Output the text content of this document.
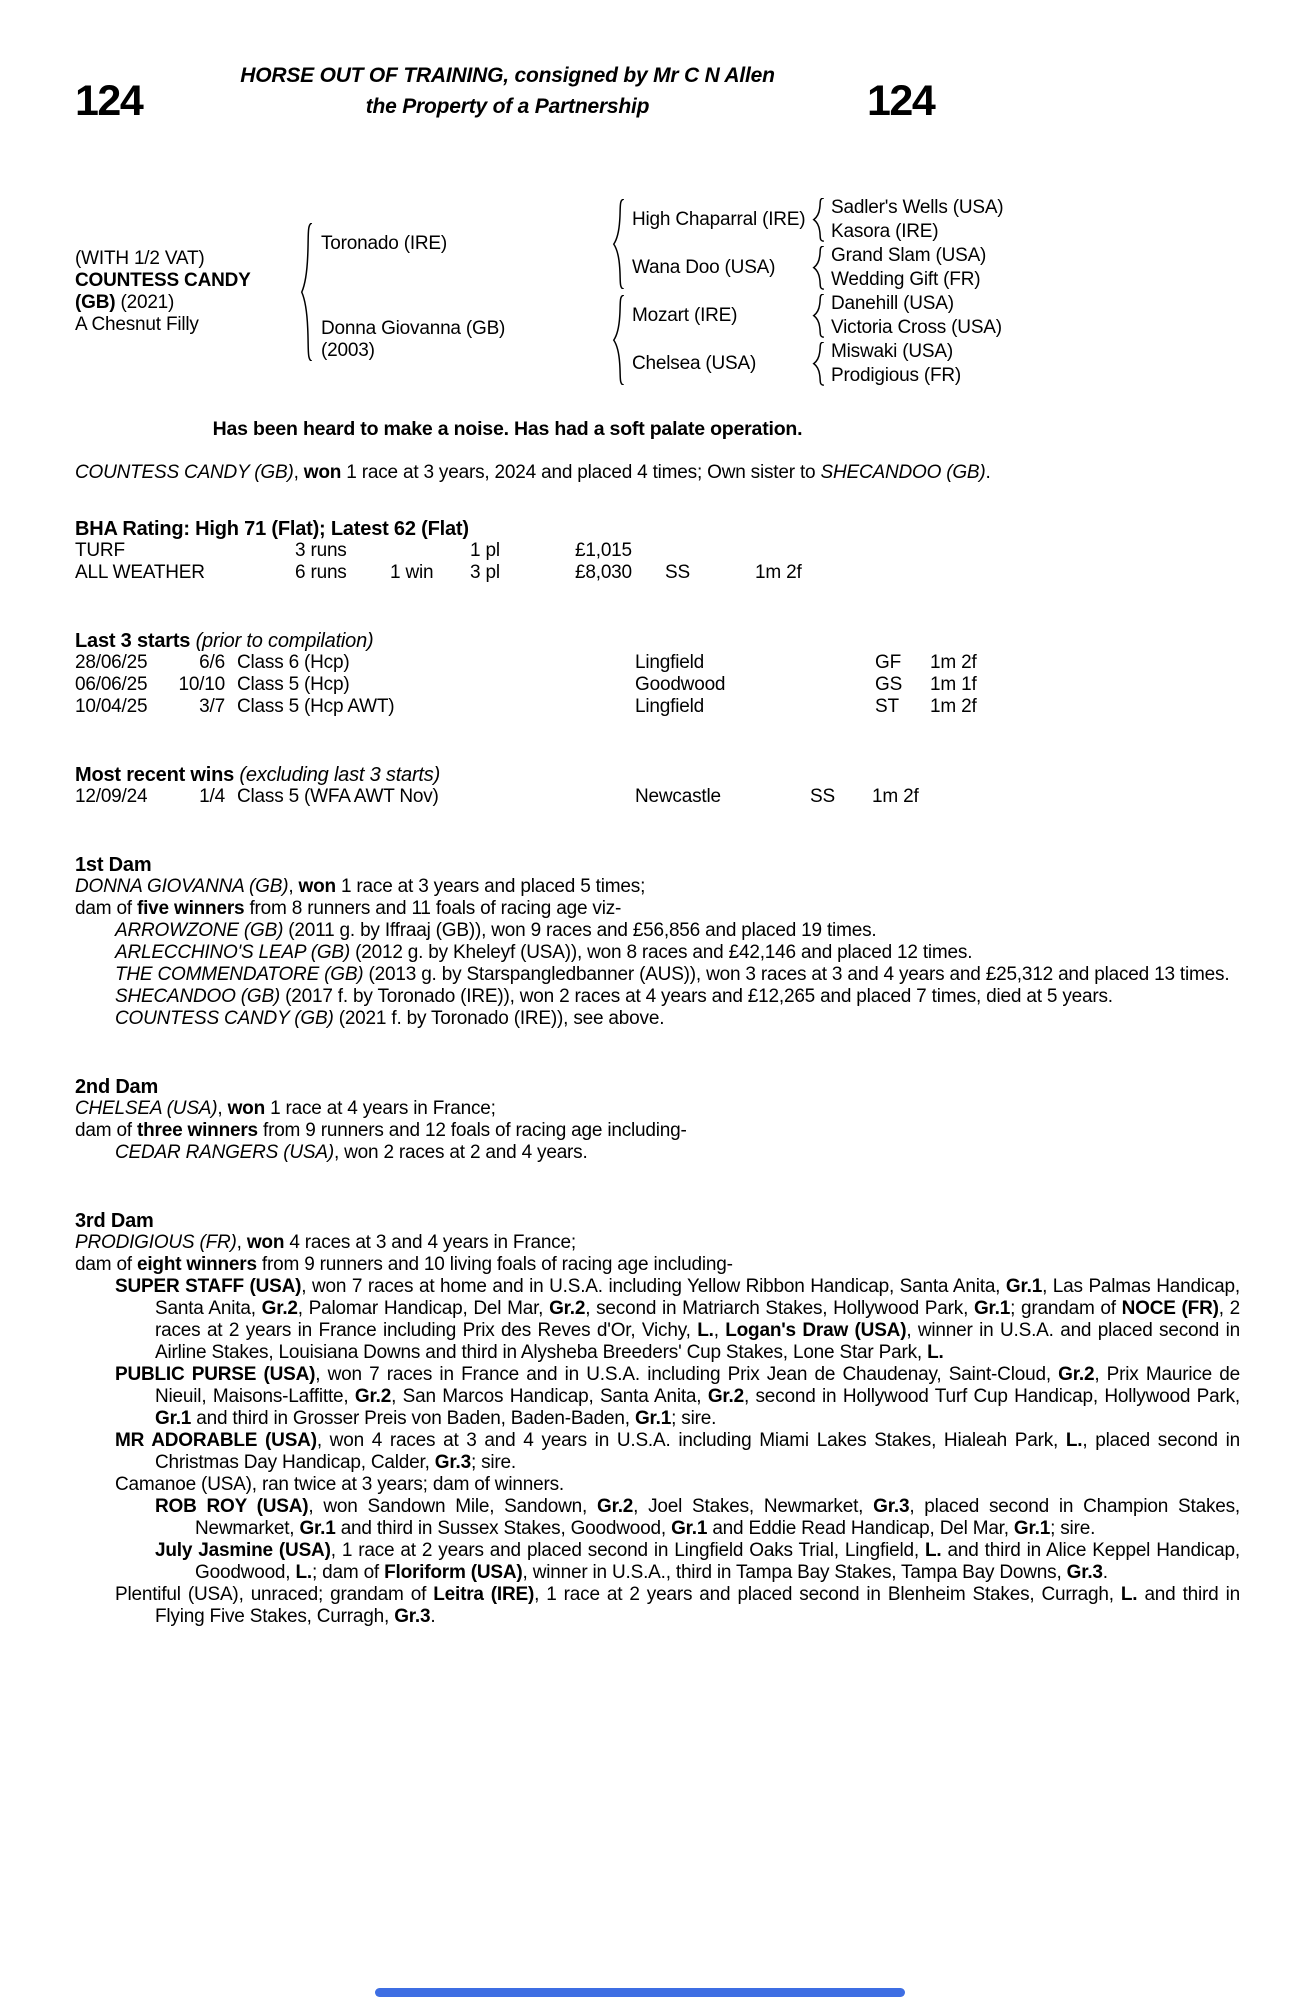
124
HORSE OUT OF TRAINING, consigned by Mr C N Allen
the Property of a Partnership	124
(WITH 1/2 VAT)
COUNTESS CANDY
(GB) (2021)
A Chesnut Filly
Toronado (IRE)
Donna Giovanna (GB)
(2003)
High Chaparral (IRE)
Wana Doo (USA)
Mozart (IRE)
Chelsea (USA)
Sadler's Wells (USA)
Kasora (IRE)
Grand Slam (USA)
Wedding Gift (FR)
Danehill (USA)
Victoria Cross (USA)
Miswaki (USA)
Prodigious (FR)
Has been heard to make a noise. Has had a soft palate operation.

COUNTESS CANDY (GB), won 1 race at 3 years, 2024 and placed 4 times; Own sister to SHECANDOO (GB).

BHA Rating: High 71 (Flat); Latest 62 (Flat)
TURF	3 runs	1 pl	£1,015
ALL WEATHER	6 runs	1 win	3 pl	£8,030	SS	1m 2f
Last 3 starts (prior to compilation)
28/06/25	6/6 Class 6 (Hcp)	Lingfield	GF	1m 2f
06/06/25	10/10 Class 5 (Hcp)	Goodwood	GS	1m 1f
10/04/25	3/7 Class 5 (Hcp AWT)	Lingfield	ST	1m 2f
Most recent wins (excluding last 3 starts)
12/09/24	1/4 Class 5 (WFA AWT Nov)	Newcastle	SS	1m 2f
1st Dam

DONNA GIOVANNA (GB), won 1 race at 3 years and placed 5 times;

dam of five winners from 8 runners and 11 foals of racing age viz-

ARROWZONE (GB) (2011 g. by Iffraaj (GB)), won 9 races and £56,856 and placed 19 times.

ARLECCHINO'S LEAP (GB) (2012 g. by Kheleyf (USA)), won 8 races and £42,146 and placed 12 times.

THE COMMENDATORE (GB) (2013 g. by Starspangledbanner (AUS)), won 3 races at 3 and 4 years and £25,312 and placed 13 times.

SHECANDOO (GB) (2017 f. by Toronado (IRE)), won 2 races at 4 years and £12,265 and placed 7 times, died at 5 years.

COUNTESS CANDY (GB) (2021 f. by Toronado (IRE)), see above.

2nd Dam

CHELSEA (USA), won 1 race at 4 years in France;

dam of three winners from 9 runners and 12 foals of racing age including-

CEDAR RANGERS (USA), won 2 races at 2 and 4 years.

3rd Dam

PRODIGIOUS (FR), won 4 races at 3 and 4 years in France;

dam of eight winners from 9 runners and 10 living foals of racing age including-

SUPER STAFF (USA), won 7 races at home and in U.S.A. including Yellow Ribbon Handicap, Santa Anita, Gr.1, Las Palmas Handicap, Santa Anita, Gr.2, Palomar Handicap, Del Mar, Gr.2, second in Matriarch Stakes, Hollywood Park, Gr.1; grandam of NOCE (FR), 2 races at 2 years in France including Prix des Reves d'Or, Vichy, L., Logan's Draw (USA), winner in U.S.A. and placed second in Airline Stakes, Louisiana Downs and third in Alysheba Breeders' Cup Stakes, Lone Star Park, L.

PUBLIC PURSE (USA), won 7 races in France and in U.S.A. including Prix Jean de Chaudenay, Saint-Cloud, Gr.2, Prix Maurice de Nieuil, Maisons-Laffitte, Gr.2, San Marcos Handicap, Santa Anita, Gr.2, second in Hollywood Turf Cup Handicap, Hollywood Park, Gr.1 and third in Grosser Preis von Baden, Baden-Baden, Gr.1; sire.

MR ADORABLE (USA), won 4 races at 3 and 4 years in U.S.A. including Miami Lakes Stakes, Hialeah Park, L., placed second in Christmas Day Handicap, Calder, Gr.3; sire.

Camanoe (USA), ran twice at 3 years; dam of winners.

ROB ROY (USA), won Sandown Mile, Sandown, Gr.2, Joel Stakes, Newmarket, Gr.3, placed second in Champion Stakes, Newmarket, Gr.1 and third in Sussex Stakes, Goodwood, Gr.1 and Eddie Read Handicap, Del Mar, Gr.1; sire.

July Jasmine (USA), 1 race at 2 years and placed second in Lingfield Oaks Trial, Lingfield, L. and third in Alice Keppel Handicap, Goodwood, L.; dam of Floriform (USA), winner in U.S.A., third in Tampa Bay Stakes, Tampa Bay Downs, Gr.3.

Plentiful (USA), unraced; grandam of Leitra (IRE), 1 race at 2 years and placed second in Blenheim Stakes, Curragh, L. and third in Flying Five Stakes, Curragh, Gr.3.
